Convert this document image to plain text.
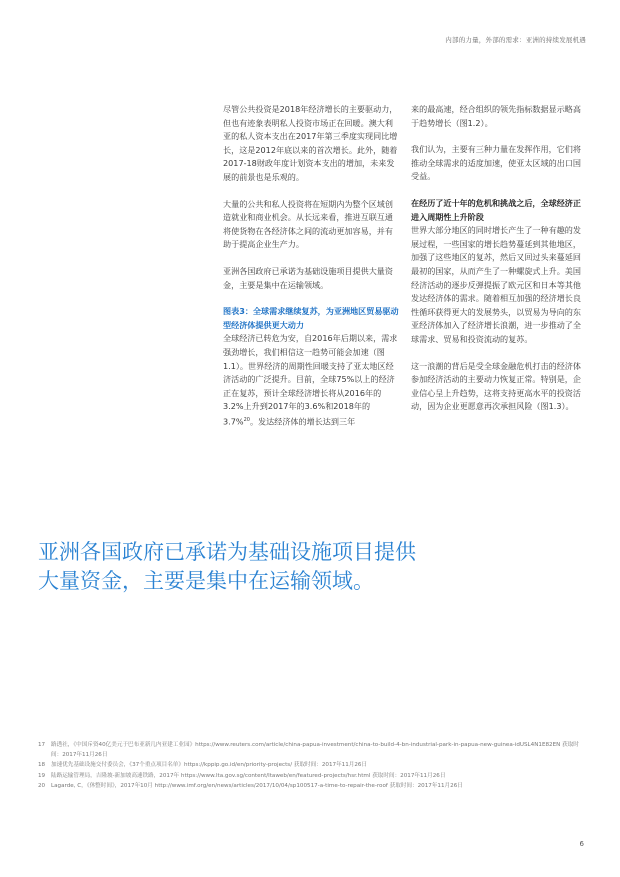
内部的力量，外部的需求：亚洲的持续发展机遇

尽管公共投资是2018年经济增长的主要驱动力，但也有迹象表明私人投资市场正在回暖。澳大利亚的私人资本支出在2017年第三季度实现同比增长，这是2012年底以来的首次增长。此外，随着2017-18财政年度计划资本支出的增加，未来发展的前景也是乐观的。

大量的公共和私人投资将在短期内为整个区域创造就业和商业机会。从长远来看，推进互联互通将使货物在各经济体之间的流动更加容易，并有助于提高企业生产力。

亚洲各国政府已承诺为基础设施项目提供大量资金，主要是集中在运输领域。

图表3：全球需求继续复苏，为亚洲地区贸易驱动型经济体提供更大动力

全球经济已转危为安，自2016年后期以来，需求强劲增长，我们相信这一趋势可能会加速（图1.1）。世界经济的周期性回暖支持了亚太地区经济活动的广泛提升。目前，全球75%以上的经济正在复苏，预计全球经济增长将从2016年的3.2%上升到2017年的3.6%和2018年的3.7%$^{20}$。发达经济体的增长达到三年

来的最高速，经合组织的领先指标数据显示略高于趋势增长（图1.2）。

我们认为，主要有三种力量在发挥作用，它们将推动全球需求的适度加速，使亚太区域的出口国受益。

在经历了近十年的危机和挑战之后，全球经济正进入周期性上升阶段

世界大部分地区的同时增长产生了一种有趣的发展过程，一些国家的增长趋势蔓延到其他地区，加强了这些地区的复苏，然后又回过头来蔓延回最初的国家，从而产生了一种螺旋式上升。美国经济活动的逐步反弹提振了欧元区和日本等其他发达经济体的需求。随着相互加强的经济增长良性循环获得更大的发展势头，以贸易为导向的东亚经济体加入了经济增长浪潮，进一步推动了全球需求、贸易和投资流动的复苏。

这一浪潮的背后是受全球金融危机打击的经济体参加经济活动的主要动力恢复正常。特别是，企业信心呈上升趋势，这将支持更高水平的投资活动，因为企业更愿意再次承担风险（图1.3）。

亚洲各国政府已承诺为基础设施项目提供大量资金，主要是集中在运输领域。
17	路透社，《中国斥资40亿美元于巴布亚新几内亚建工业园》https://www.reuters.com/article/china-papua-investment/china-to-build-4-bn-industrial-park-in-papua-new-guinea-idUSL4N1E82EN 获取时间：2017年11月26日
18	加速优先基础设施交付委员会，《37个重点项目名单》https://kppip.go.id/en/priority-projects/ 获取时间：2017年11月26日
19	陆路运输管理局，吉隆坡-新加坡高速铁路，2017年 https://www.lta.gov.sg/content/ltaweb/en/featured-projects/hsr.html 获取时间：2017年11月26日
20	Lagarde, C，《休整时间》，2017年10月 http://www.imf.org/en/news/articles/2017/10/04/sp100517-a-time-to-repair-the-roof 获取时间：2017年11月26日
6
